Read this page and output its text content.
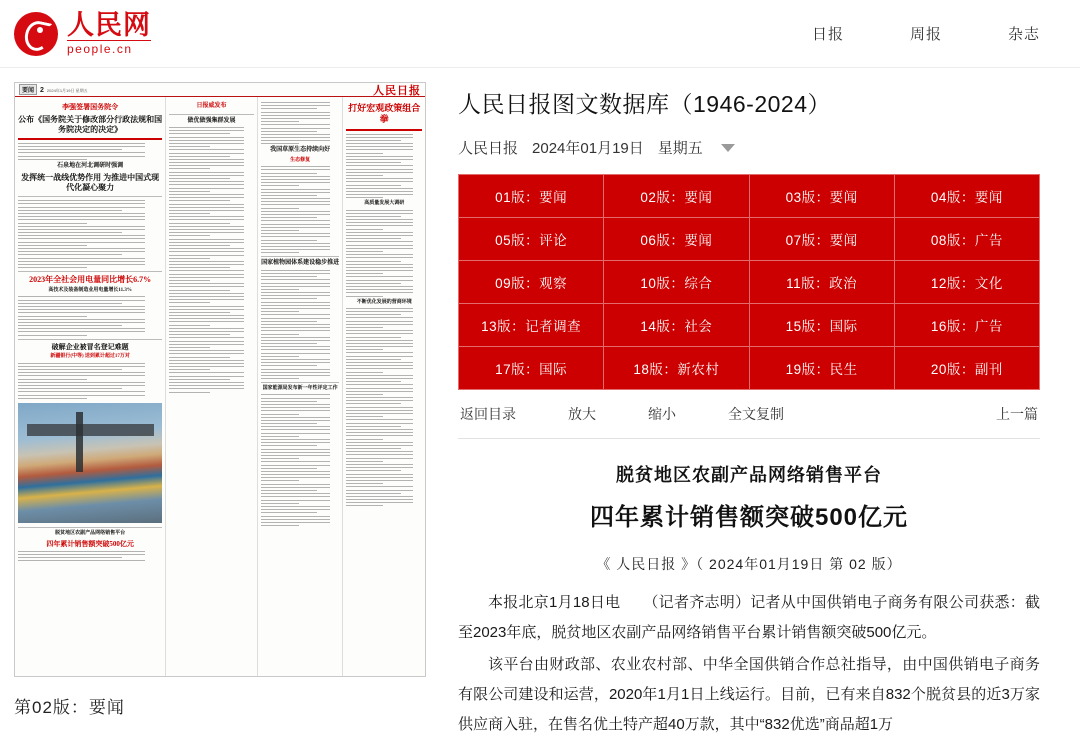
人民网
people.cn
日报	周报	杂志
要闻 2 2024年1月19日 星期五	人民日报
李强签署国务院令
公布《国务院关于修改部分行政法规和国务院决定的决定》
石泉地在河北调研时强调
发挥统一战线优势作用 为推进中国式现代化凝心聚力
2023年全社会用电量同比增长6.7%
高技术及装备制造业用电量增长11.3%
破解企业被冒名登记难题
新疆银行(中等) 送到累计超过17万对
脱贫地区农副产品网络销售平台
四年累计销售额突破500亿元
日报威发布
做优做强集群发展
我国草原生态持续向好
生态修复
国家植物园体系建设稳步推进
国家能源局发布新一年性评定工作
打好宏观政策组合拳
高质量发展大调研
不断优化发展的营商环境
第02版：要闻
人民日报图文数据库（1946-2024）
人民日报 2024年01月19日 星期五
01版：要闻	02版：要闻	03版：要闻	04版：要闻
05版：评论	06版：要闻	07版：要闻	08版：广告
09版：观察	10版：综合	11版：政治	12版：文化
13版：记者调查	14版：社会	15版：国际	16版：广告
17版：国际	18版：新农村	19版：民生	20版：副刊
返回目录	放大	缩小	全文复制	上一篇
脱贫地区农副产品网络销售平台
四年累计销售额突破500亿元
《 人民日报 》（ 2024年01月19日 第 02 版）

本报北京1月18日电　　（记者齐志明）记者从中国供销电子商务有限公司获悉：截至2023年底，脱贫地区农副产品网络销售平台累计销售额突破500亿元。

该平台由财政部、农业农村部、中华全国供销合作总社指导，由中国供销电子商务有限公司建设和运营，2020年1月1日上线运行。目前，已有来自832个脱贫县的近3万家供应商入驻，在售名优土特产超40万款，其中“832优选”商品超1万
